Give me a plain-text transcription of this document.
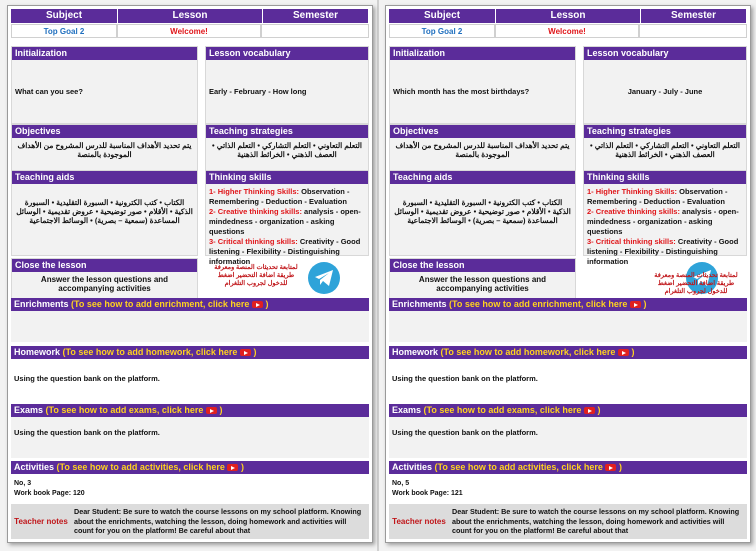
Subject	Lesson	Semester
Top Goal 2	Welcome!
Initialization
What can you see?
Lesson vocabulary
Early - February - How long
Objectives
يتم تحديد الأهداف المناسبة للدرس المشروح من الأهداف الموجودة بالمنصة
Teaching strategies
التعلم التعاوني • التعلم التشاركي • التعلم الذاتي • العصف الذهني • الخرائط الذهنية
Teaching aids
الكتاب • كتب الكترونية • السبورة التقليدية • السبورة الذكية • الأقلام • صور توضيحية • عروض تقديمية • الوسائل المساعدة (سمعية – بصرية) • الوسائط الاجتماعية
Thinking skills
1- Higher Thinking Skills: Observation - Remembering - Deduction - Evaluation
2- Creative thinking skills: analysis - open-mindedness - organization - asking questions
3- Critical thinking skills: Creativity - Good listening - Flexibility - Distinguishing information
Close the lesson
Answer the lesson questions and accompanying activities
لمتابعة تحديثات المنصة ومعرفة طريقة اضافة التحضير اضغط للدخول لجروب التلغرام
Enrichments (To see how to add enrichment, click here )
Homework (To see how to add homework, click here )
Using the question bank on the platform.
Exams (To see how to add exams, click here )
Using the question bank on the platform.
Activities (To see how to add activities, click here )
No, 3
Work book Page: 120
Teacher notes
Dear Student: Be sure to watch the course lessons on my school platform. Knowing about the enrichments, watching the lesson, doing homework and activities will count for you on the platform! Be careful about that
Subject	Lesson	Semester
Top Goal 2	Welcome!
Initialization
Which month has the most birthdays?
Lesson vocabulary
January - July - June
Objectives
يتم تحديد الأهداف المناسبة للدرس المشروح من الأهداف الموجودة بالمنصة
Teaching strategies
التعلم التعاوني • التعلم التشاركي • التعلم الذاتي • العصف الذهني • الخرائط الذهنية
Teaching aids
الكتاب • كتب الكترونية • السبورة التقليدية • السبورة الذكية • الأقلام • صور توضيحية • عروض تقديمية • الوسائل المساعدة (سمعية – بصرية) • الوسائط الاجتماعية
Thinking skills
1- Higher Thinking Skills: Observation - Remembering - Deduction - Evaluation
2- Creative thinking skills: analysis - open-mindedness - organization - asking questions
3- Critical thinking skills: Creativity - Good listening - Flexibility - Distinguishing information
Close the lesson
Answer the lesson questions and accompanying activities
لمتابعة تحديثات المنصة ومعرفة طريقة اضافة التحضير اضغط للدخول لجروب التلغرام
Enrichments (To see how to add enrichment, click here )
Homework (To see how to add homework, click here )
Using the question bank on the platform.
Exams (To see how to add exams, click here )
Using the question bank on the platform.
Activities (To see how to add activities, click here )
No, 5
Work book Page: 121
Teacher notes
Dear Student: Be sure to watch the course lessons on my school platform. Knowing about the enrichments, watching the lesson, doing homework and activities will count for you on the platform! Be careful about that
